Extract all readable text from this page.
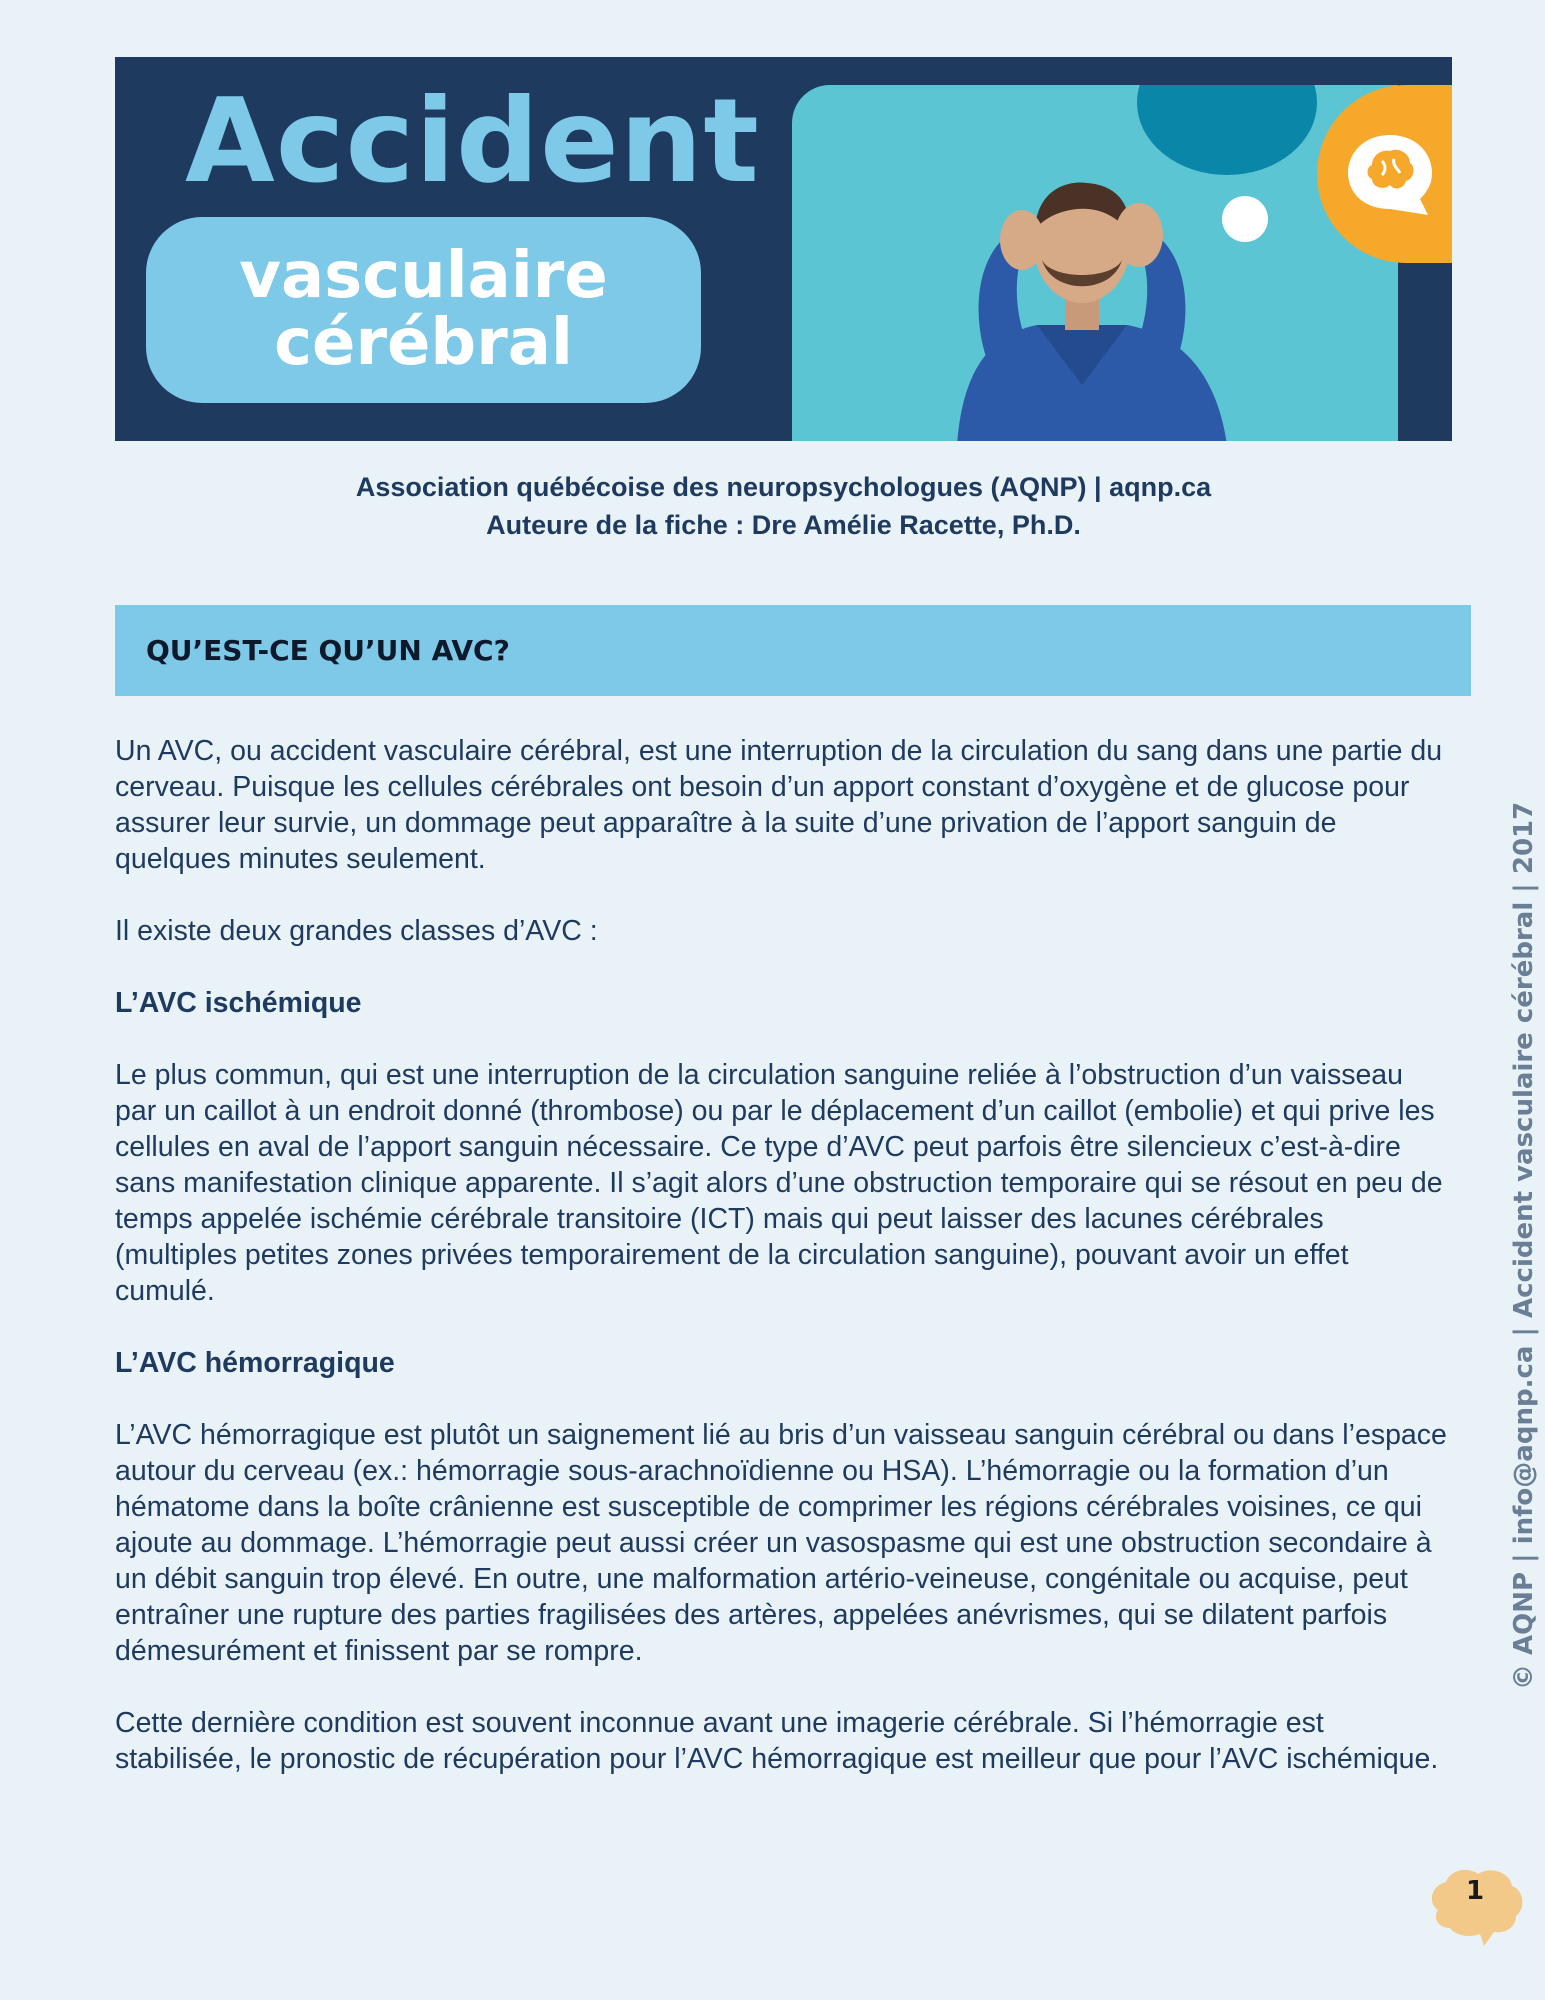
Accident
vasculaire
cérébral
Association québécoise des neuropsychologues (AQNP) | aqnp.ca
Auteure de la fiche : Dre Amélie Racette, Ph.D.
QU’EST-CE QU’UN AVC?

Un AVC, ou accident vasculaire cérébral, est une interruption de la circulation du sang dans une partie du cerveau. Puisque les cellules cérébrales ont besoin d’un apport constant d’oxygène et de glucose pour assurer leur survie, un dommage peut apparaître à la suite d’une privation de l’apport sanguin de quelques minutes seulement.

Il existe deux grandes classes d’AVC :

L’AVC ischémique

Le plus commun, qui est une interruption de la circulation sanguine reliée à l’obstruction d’un vaisseau par un caillot à un endroit donné (thrombose) ou par le déplacement d’un caillot (embolie) et qui prive les cellules en aval de l’apport sanguin nécessaire. Ce type d’AVC peut parfois être silencieux c’est-à-dire sans manifestation clinique apparente. Il s’agit alors d’une obstruction temporaire qui se résout en peu de temps appelée ischémie cérébrale transitoire (ICT) mais qui peut laisser des lacunes cérébrales (multiples petites zones privées temporairement de la circulation sanguine), pouvant avoir un effet cumulé.

L’AVC hémorragique

L’AVC hémorragique est plutôt un saignement lié au bris d’un vaisseau sanguin cérébral ou dans l’espace autour du cerveau (ex.: hémorragie sous-arachnoïdienne ou HSA). L’hémorragie ou la formation d’un hématome dans la boîte crânienne est susceptible de comprimer les régions cérébrales voisines, ce qui ajoute au dommage. L’hémorragie peut aussi créer un vasospasme qui est une obstruction secondaire à un débit sanguin trop élevé. En outre, une malformation artério-veineuse, congénitale ou acquise, peut entraîner une rupture des parties fragilisées des artères, appelées anévrismes, qui se dilatent parfois démesurément et finissent par se rompre.

Cette dernière condition est souvent inconnue avant une imagerie cérébrale. Si l’hémorragie est stabilisée, le pronostic de récupération pour l’AVC hémorragique est meilleur que pour l’AVC ischémique.

© AQNP | info@aqnp.ca | Accident vasculaire cérébral | 2017
1
